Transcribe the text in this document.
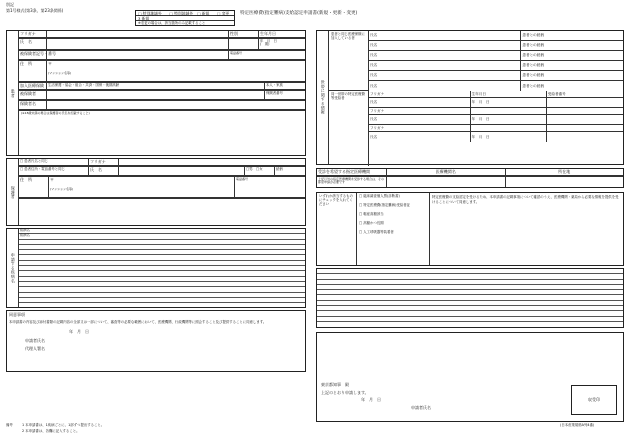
別記
第1号様式(第3条、第23条関係)
□ 特別地域外　　□ 特別地域外　□ 新規　　□ 変更
3 新規
※変更の場合は、該当箇所のみ記載すること
特定医療費(指定難病)支給認定申請書(新規・更新・変更)
患者
フリガナ	性別	生年月日
氏　名	年　月　日
(　歳)
被保険者記号・番号	電話番号
住　所	〒

(マンション名等)
加入医療保険	生活保護・協会・組合・共済・国保・後期高齢	本人・家族
被保険者	保険者番号
保険者名
(※18歳未満の場合は保護者の氏名を記載すること)
保護者
□ 患者氏名と同じ	フリガナ
□ 患者住所・電話番号と同じ	氏　名	□男　□女	続柄
住　所	〒

(マンション名等)
電話番号
申請する疾病名
疾病名
疾病名
同意事項
本申請書の内容及び添付書類の記載内容の全部又は一部について、審査等の必要な範囲において、医療機関、行政機関等に照会すること及び提供することに同意します。
年　月　日
申請者氏名
代理人署名
世帯に関する情報
患者と同じ医療保険に加入している者
氏名	患者との続柄
氏名	患者との続柄
氏名	患者との続柄
氏名	患者との続柄
氏名	患者との続柄
氏名	患者との続柄
同一世帯の特定医療費等受給者
フリガナ	生年月日	受給者番号
氏名	年　月　日
フリガナ
氏名	年　月　日
フリガナ
氏名	年　月　日
受診を希望する指定医療機関	医療機関名	所在地
上記以外の指定医療機関を受診する場合は、その都度申請が必要です
いずれか該当するものにチェックを入れてください
□ 臨床調査個人票(診断書)
□ 特定医療費(指定難病)受給者証
□ 軽症高額該当
□ 高額かつ長期
□ 人工呼吸器等装着者
特定医療費の支給認定を受けるため、本申請書の記載事項について確認のうえ、医療機関・薬局から必要な情報を提供を受けることについて同意します。
東京都知事　殿
上記のとおり申請します。
年　月　日
申請者氏名
収受印
備考	1 本申請書は、1疾病ごとに、1部ずつ提出すること。
2 本申請書は、各欄に記入すること。
(日本産業規格A列4番)
